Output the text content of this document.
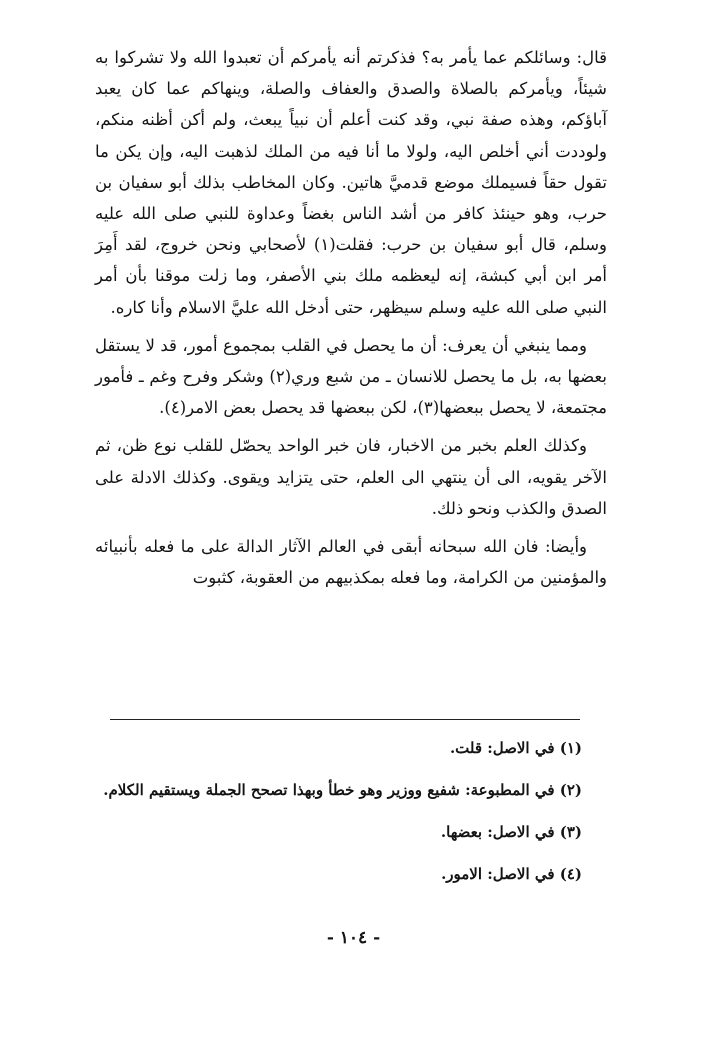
قال: وسائلكم عما يأمر به؟ فذكرتم أنه يأمركم أن تعبدوا الله ولا تشركوا به شيئاً، ويأمركم بالصلاة والصدق والعفاف والصلة، وينهاكم عما كان يعبد آباؤكم، وهذه صفة نبي، وقد كنت أعلم أن نبياً يبعث، ولم أكن أظنه منكم، ولوددت أني أخلص اليه، ولولا ما أنا فيه من الملك لذهبت اليه، وإن يكن ما تقول حقاً فسيملك موضع قدميَّ هاتين. وكان المخاطب بذلك أبو سفيان بن حرب، وهو حينئذ كافر من أشد الناس بغضاً وعداوة للنبي صلى الله عليه وسلم، قال أبو سفيان بن حرب: فقلت(١) لأصحابي ونحن خروج، لقد أَمِرَ أمر ابن أبي كبشة، إنه ليعظمه ملك بني الأصفر، وما زلت موقنا بأن أمر النبي صلى الله عليه وسلم سيظهر، حتى أدخل الله عليَّ الاسلام وأنا كاره.

ومما ينبغي أن يعرف: أن ما يحصل في القلب بمجموع أمور، قد لا يستقل بعضها به، بل ما يحصل للانسان ـ من شبع وري(٢) وشكر وفرح وغم ـ فأمور مجتمعة، لا يحصل ببعضها(٣)، لكن ببعضها قد يحصل بعض الامر(٤).

وكذلك العلم بخبر من الاخبار، فان خبر الواحد يحصّل للقلب نوع ظن، ثم الآخر يقويه، الى أن ينتهي الى العلم، حتى يتزايد ويقوى. وكذلك الادلة على الصدق والكذب ونحو ذلك.

وأيضا: فان الله سبحانه أبقى في العالم الآثار الدالة على ما فعله بأنبيائه والمؤمنين من الكرامة، وما فعله بمكذبيهم من العقوبة، كثبوت

(١) في الاصل: قلت.

(٢) في المطبوعة: شفيع ووزير وهو خطأ وبهذا تصحح الجملة ويستقيم الكلام.

(٣) في الاصل: بعضها.

(٤) في الاصل: الامور.

- ١٠٤ -
